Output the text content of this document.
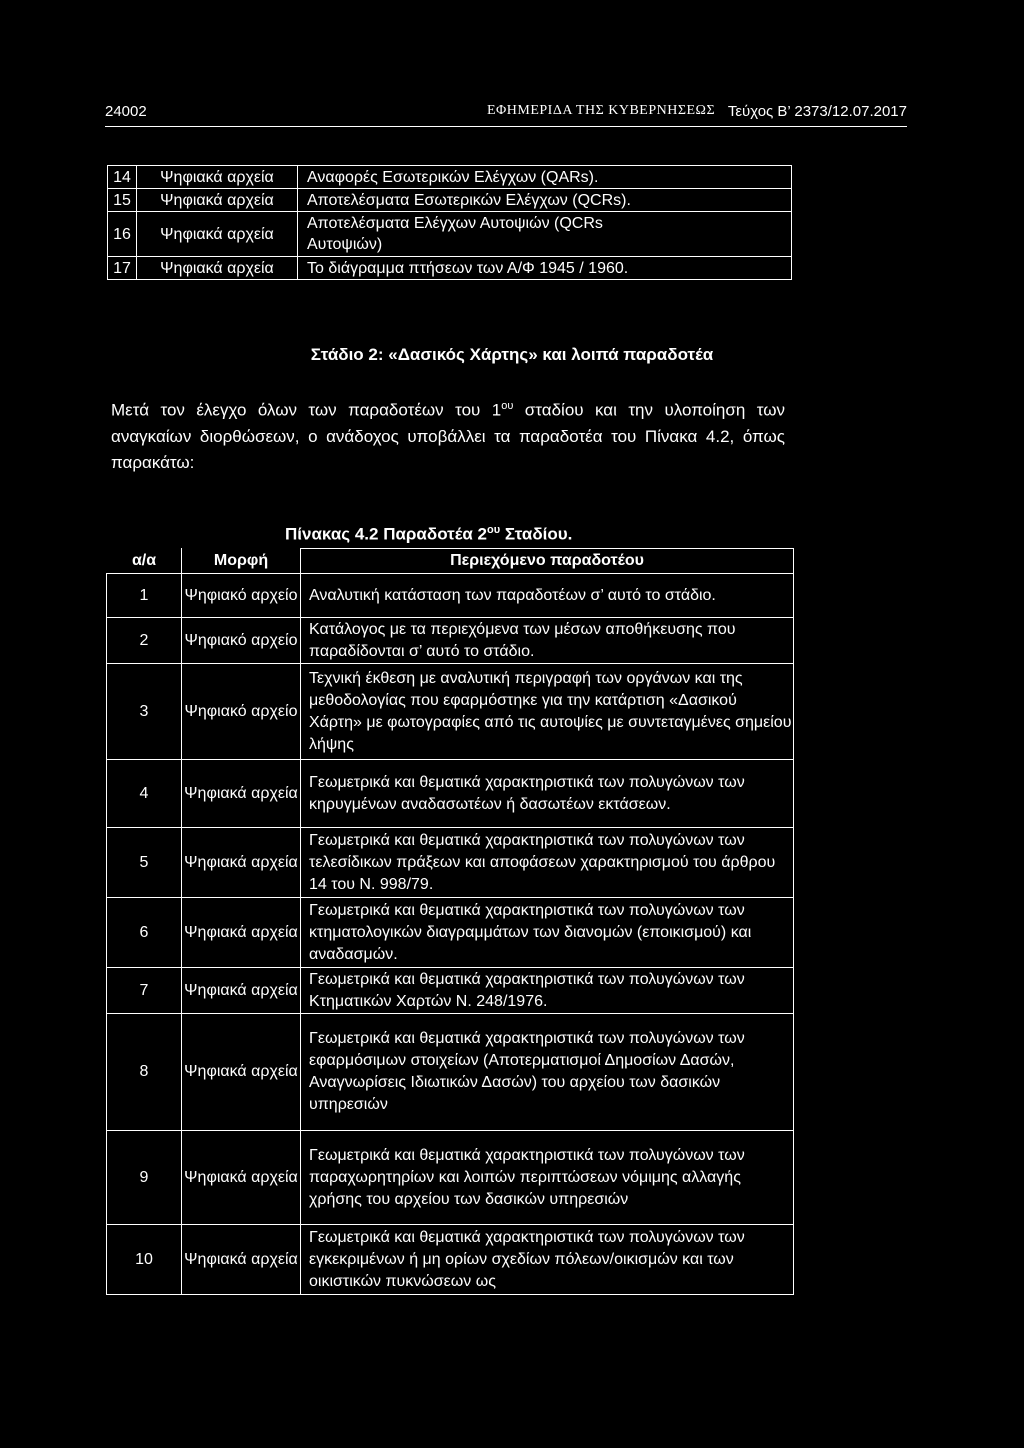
24002	ΕΦΗΜΕΡΙΔΑ ΤΗΣ ΚΥΒΕΡΝΗΣΕΩΣ Τεύχος Β’ 2373/12.07.2017
14	Ψηφιακά αρχεία	Αναφορές Εσωτερικών Ελέγχων (QARs).
15	Ψηφιακά αρχεία	Αποτελέσματα Εσωτερικών Ελέγχων (QCRs).
16	Ψηφιακά αρχεία	Αποτελέσματα Ελέγχων Αυτοψιών (QCRs Αυτοψιών)
17	Ψηφιακά αρχεία	Το διάγραμμα πτήσεων των Α/Φ 1945 / 1960.
Στάδιο 2: «Δασικός Χάρτης» και λοιπά παραδοτέα
Μετά τον έλεγχο όλων των παραδοτέων του $1^{o\upsilon}$ σταδίου και την υλοποίηση των αναγκαίων διορθώσεων, ο ανάδοχος υποβάλλει τα παραδοτέα του Πίνακα 4.2, όπως παρακάτω:
Πίνακας 4.2 Παραδοτέα $2^{o\upsilon}$ Σταδίου.
α/α	Μορφή	Περιεχόμενο παραδοτέου
1	Ψηφιακό αρχείο	Αναλυτική κατάσταση των παραδοτέων σ’ αυτό το στάδιο.
2	Ψηφιακό αρχείο	Κατάλογος με τα περιεχόμενα των μέσων αποθήκευσης που παραδίδονται σ’ αυτό το στάδιο.
3	Ψηφιακό αρχείο	Τεχνική έκθεση με αναλυτική περιγραφή των οργάνων και της μεθοδολογίας που εφαρμόστηκε για την κατάρτιση «Δασικού Χάρτη» με φωτογραφίες από τις αυτοψίες με συντεταγμένες σημείου λήψης
4	Ψηφιακά αρχεία	Γεωμετρικά και θεματικά χαρακτηριστικά των πολυγώνων των κηρυγμένων αναδασωτέων ή δασωτέων εκτάσεων.
5	Ψηφιακά αρχεία	Γεωμετρικά και θεματικά χαρακτηριστικά των πολυγώνων των τελεσίδικων πράξεων και αποφάσεων χαρακτηρισμού του άρθρου 14 του Ν. 998/79.
6	Ψηφιακά αρχεία	Γεωμετρικά και θεματικά χαρακτηριστικά των πολυγώνων των κτηματολογικών διαγραμμάτων των διανομών (εποικισμού) και αναδασμών.
7	Ψηφιακά αρχεία	Γεωμετρικά και θεματικά χαρακτηριστικά των πολυγώνων των Κτηματικών Χαρτών Ν. 248/1976.
8	Ψηφιακά αρχεία	Γεωμετρικά και θεματικά χαρακτηριστικά των πολυγώνων των εφαρμόσιμων στοιχείων (Αποτερματισμοί Δημοσίων Δασών, Αναγνωρίσεις Ιδιωτικών Δασών) του αρχείου των δασικών υπηρεσιών
9	Ψηφιακά αρχεία	Γεωμετρικά και θεματικά χαρακτηριστικά των πολυγώνων των παραχωρητηρίων και λοιπών περιπτώσεων νόμιμης αλλαγής χρήσης του αρχείου των δασικών υπηρεσιών
10	Ψηφιακά αρχεία	Γεωμετρικά και θεματικά χαρακτηριστικά των πολυγώνων των εγκεκριμένων ή μη ορίων σχεδίων πόλεων/οικισμών και των οικιστικών πυκνώσεων ως
